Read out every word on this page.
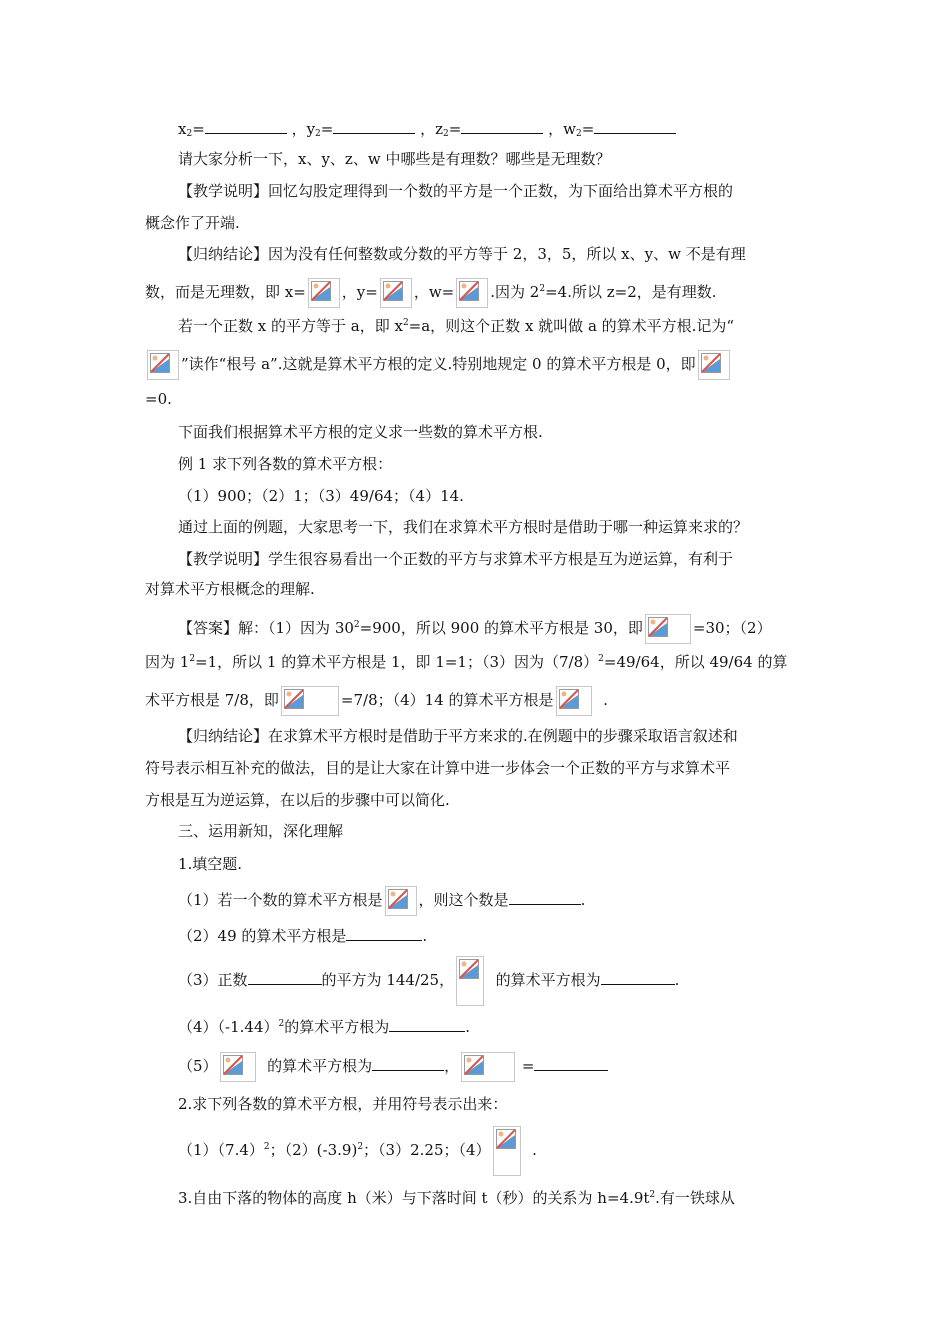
$x_2=$	，$y_2=$	，$z_2=$	，$w_2=$
请大家分析一下，x、y、z、w 中哪些是有理数？哪些是无理数？
【教学说明】回忆勾股定理得到一个数的平方是一个正数，为下面给出算术平方根的
概念作了开端.
【归纳结论】因为没有任何整数或分数的平方等于 2，3，5，所以 x、y、w 不是有理
数，而是无理数，即 x= ，y= ，w= .因为 $2^2=4$.所以 z=2，是有理数.
若一个正数 x 的平方等于 a，即 $x^2=a$，则这个正数 x 就叫做 a 的算术平方根.记为“
”读作“根号 a”.这就是算术平方根的定义.特别地规定 0 的算术平方根是 0，即
=0.
下面我们根据算术平方根的定义求一些数的算术平方根.
例 1 求下列各数的算术平方根：
（1）900；（2）1；（3）49/64；（4）14.
通过上面的例题，大家思考一下，我们在求算术平方根时是借助于哪一种运算来求的？
【教学说明】学生很容易看出一个正数的平方与求算术平方根是互为逆运算，有利于
对算术平方根概念的理解.
【答案】解：（1）因为 $30^2=900$，所以 900 的算术平方根是 30，即	=30；（2）
因为 $1^2=1$，所以 1 的算术平方根是 1，即 1=1；（3）因为$(7/8)^2=49/64$，所以 49/64 的算
术平方根是 7/8，即	=7/8；（4）14 的算术平方根是	.
【归纳结论】在求算术平方根时是借助于平方来求的.在例题中的步骤采取语言叙述和
符号表示相互补充的做法，目的是让大家在计算中进一步体会一个正数的平方与求算术平
方根是互为逆运算，在以后的步骤中可以简化.
三、运用新知，深化理解
1.填空题.
（1）若一个数的算术平方根是 ，则这个数是	.
（2）49 的算术平方根是	.
（3）正数	的平方为 144/25，	的算术平方根为	.
$(4)(-1.44)^2$的算术平方根为	.
（5）	的算术平方根为	，	=
2.求下列各数的算术平方根，并用符号表示出来：
$(1)(7.4)^2$；$(2)(-3.9)^2$；（3）2.25；（4）	.
3.自由下落的物体的高度 h（米）与下落时间 t（秒）的关系为 $h=4.9t^2$.有一铁球从
